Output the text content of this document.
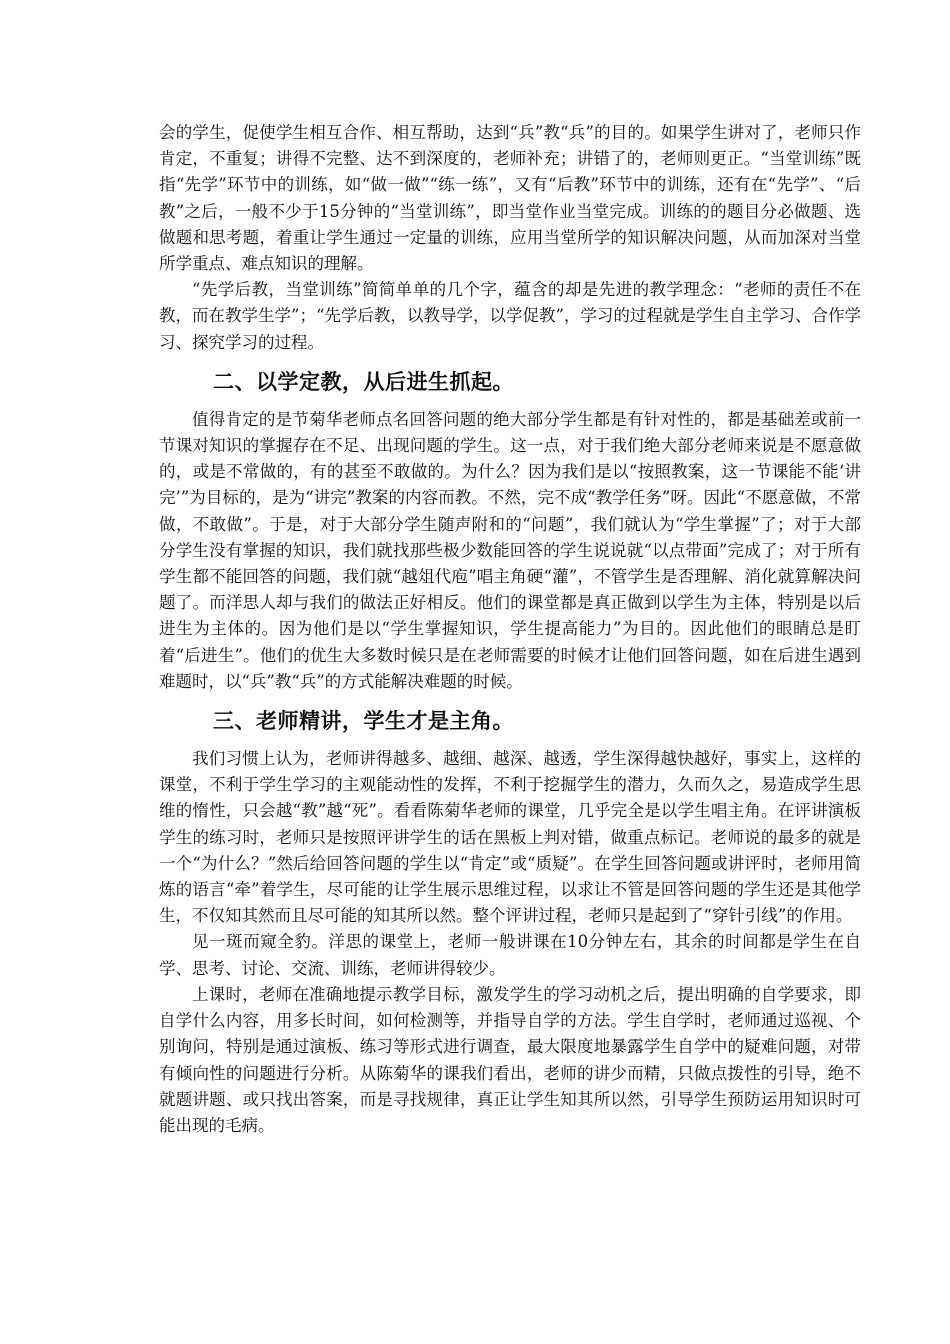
会的学生，促使学生相互合作、相互帮助，达到“兵”教“兵”的目的。如果学生讲对了，老师只作肯定，不重复；讲得不完整、达不到深度的，老师补充；讲错了的，老师则更正。“当堂训练”既指“先学”环节中的训练，如“做一做”“练一练”，又有“后教”环节中的训练，还有在“先学”、“后教”之后，一般不少于15分钟的“当堂训练”，即当堂作业当堂完成。训练的的题目分必做题、选做题和思考题，着重让学生通过一定量的训练，应用当堂所学的知识解决问题，从而加深对当堂所学重点、难点知识的理解。

“先学后教，当堂训练”简简单单的几个字，蕴含的却是先进的教学理念：“老师的责任不在教，而在教学生学”；“先学后教，以教导学，以学促教”，学习的过程就是学生自主学习、合作学习、探究学习的过程。

二、以学定教，从后进生抓起。

值得肯定的是节菊华老师点名回答问题的绝大部分学生都是有针对性的，都是基础差或前一节课对知识的掌握存在不足、出现问题的学生。这一点，对于我们绝大部分老师来说是不愿意做的，或是不常做的，有的甚至不敢做的。为什么？因为我们是以“按照教案，这一节课能不能‘讲完’”为目标的，是为“讲完”教案的内容而教。不然，完不成“教学任务”呀。因此“不愿意做，不常做，不敢做”。于是，对于大部分学生随声附和的“问题”，我们就认为“学生掌握”了；对于大部分学生没有掌握的知识，我们就找那些极少数能回答的学生说说就“以点带面”完成了；对于所有学生都不能回答的问题，我们就“越俎代庖”唱主角硬“灌”，不管学生是否理解、消化就算解决问题了。而洋思人却与我们的做法正好相反。他们的课堂都是真正做到以学生为主体，特别是以后进生为主体的。因为他们是以“学生掌握知识，学生提高能力”为目的。因此他们的眼睛总是盯着“后进生”。他们的优生大多数时候只是在老师需要的时候才让他们回答问题，如在后进生遇到难题时，以“兵”教“兵”的方式能解决难题的时候。

三、老师精讲，学生才是主角。

我们习惯上认为，老师讲得越多、越细、越深、越透，学生深得越快越好，事实上，这样的课堂，不利于学生学习的主观能动性的发挥，不利于挖掘学生的潜力，久而久之，易造成学生思维的惰性，只会越“教”越“死”。看看陈菊华老师的课堂，几乎完全是以学生唱主角。在评讲演板学生的练习时，老师只是按照评讲学生的话在黑板上判对错，做重点标记。老师说的最多的就是一个“为什么？”然后给回答问题的学生以“肯定”或“质疑”。在学生回答问题或讲评时，老师用简炼的语言“牵”着学生，尽可能的让学生展示思维过程，以求让不管是回答问题的学生还是其他学生，不仅知其然而且尽可能的知其所以然。整个评讲过程，老师只是起到了“穿针引线”的作用。

见一斑而窥全豹。洋思的课堂上，老师一般讲课在10分钟左右，其余的时间都是学生在自学、思考、讨论、交流、训练，老师讲得较少。

上课时，老师在准确地提示教学目标，激发学生的学习动机之后，提出明确的自学要求，即自学什么内容，用多长时间，如何检测等，并指导自学的方法。学生自学时，老师通过巡视、个别询问，特别是通过演板、练习等形式进行调查，最大限度地暴露学生自学中的疑难问题，对带有倾向性的问题进行分析。从陈菊华的课我们看出，老师的讲少而精，只做点拨性的引导，绝不就题讲题、或只找出答案，而是寻找规律，真正让学生知其所以然，引导学生预防运用知识时可能出现的毛病。
